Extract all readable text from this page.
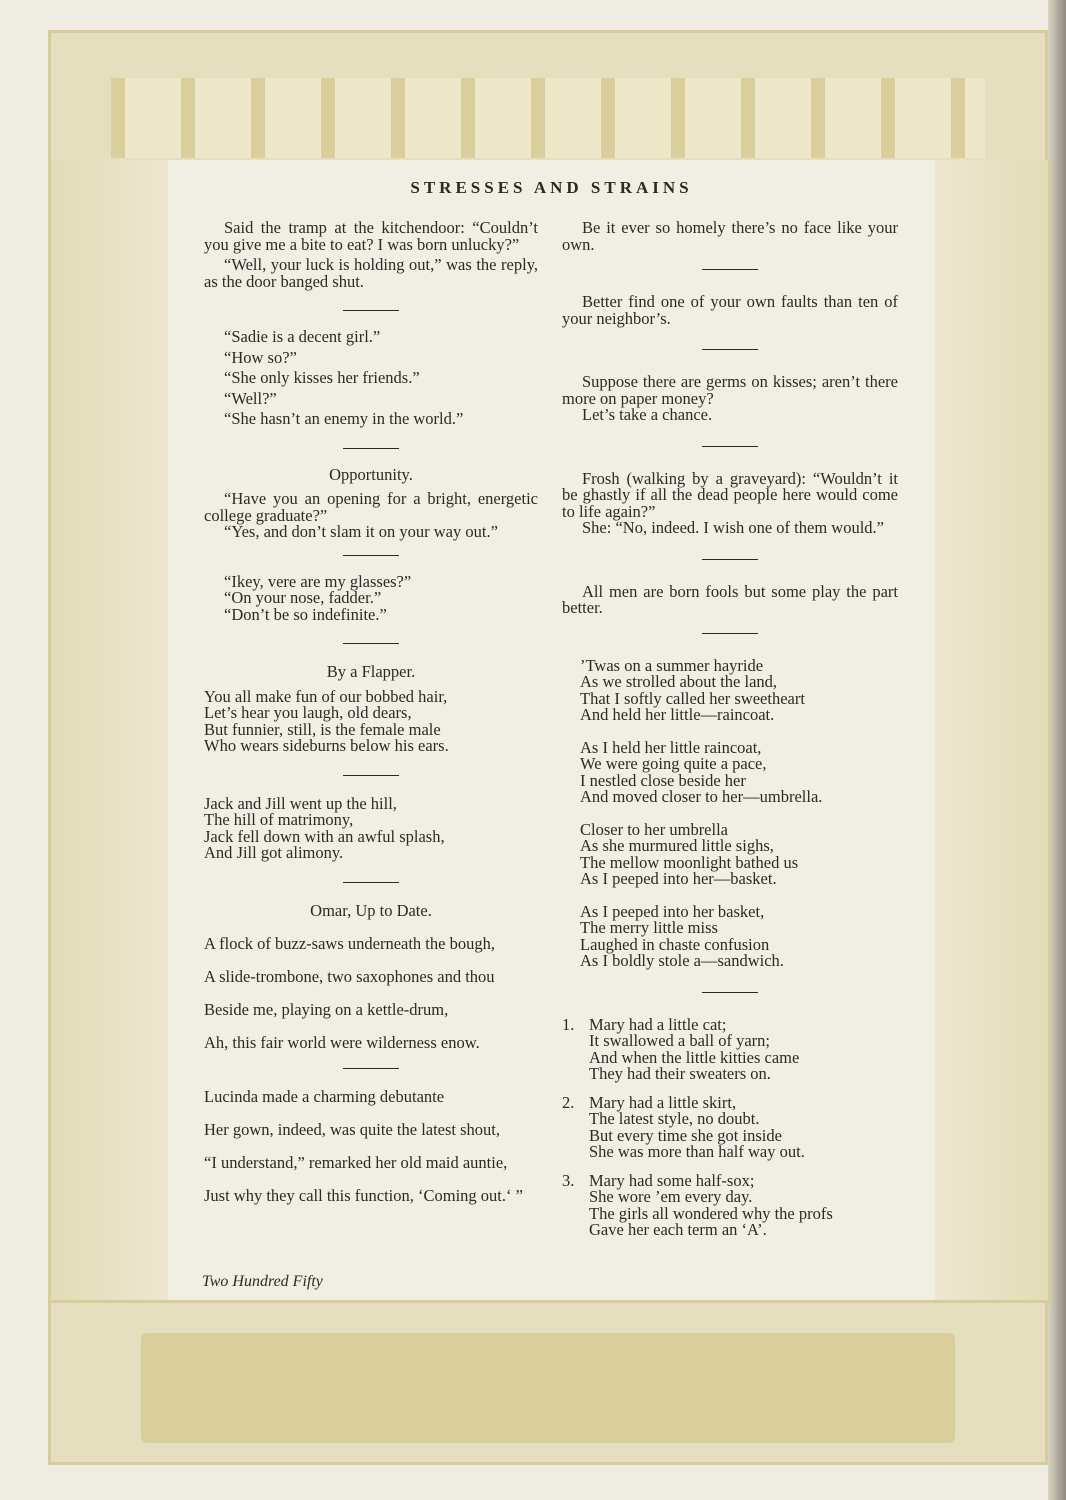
STRESSES AND STRAINS

Said the tramp at the kitchendoor: “Couldn’t you give me a bite to eat? I was born unlucky?”

“Well, your luck is holding out,” was the reply, as the door banged shut.

“Sadie is a decent girl.”

“How so?”

“She only kisses her friends.”

“Well?”

“She hasn’t an enemy in the world.”

Opportunity.

“Have you an opening for a bright, energetic college graduate?”

“Yes, and don’t slam it on your way out.”

“Ikey, vere are my glasses?”

“On your nose, fadder.”

“Don’t be so indefinite.”

By a Flapper.

You all make fun of our bobbed hair,

Let’s hear you laugh, old dears,

But funnier, still, is the female male

Who wears sideburns below his ears.

Jack and Jill went up the hill,

The hill of matrimony,

Jack fell down with an awful splash,

And Jill got alimony.

Omar, Up to Date.

A flock of buzz-saws underneath the bough,

A slide-trombone, two saxophones and thou

Beside me, playing on a kettle-drum,

Ah, this fair world were wilderness enow.

Lucinda made a charming debutante

Her gown, indeed, was quite the latest shout,

“I understand,” remarked her old maid auntie,

Just why they call this function, ‘Coming out.‘ ”

Be it ever so homely there’s no face like your own.

Better find one of your own faults than ten of your neighbor’s.

Suppose there are germs on kisses; aren’t there more on paper money?

Let’s take a chance.

Frosh (walking by a graveyard): “Wouldn’t it be ghastly if all the dead people here would come to life again?”

She: “No, indeed. I wish one of them would.”

All men are born fools but some play the part better.

’Twas on a summer hayride

As we strolled about the land,

That I softly called her sweetheart

And held her little—raincoat.

As I held her little raincoat,

We were going quite a pace,

I nestled close beside her

And moved closer to her—umbrella.

Closer to her umbrella

As she murmured little sighs,

The mellow moonlight bathed us

As I peeped into her—basket.

As I peeped into her basket,

The merry little miss

Laughed in chaste confusion

As I boldly stole a—sandwich.

1. Mary had a little cat;

It swallowed a ball of yarn;

And when the little kitties came

They had their sweaters on.

2. Mary had a little skirt,

The latest style, no doubt.

But every time she got inside

She was more than half way out.

3. Mary had some half-sox;

She wore ’em every day.

The girls all wondered why the profs

Gave her each term an ‘A’.

Two Hundred Fifty
